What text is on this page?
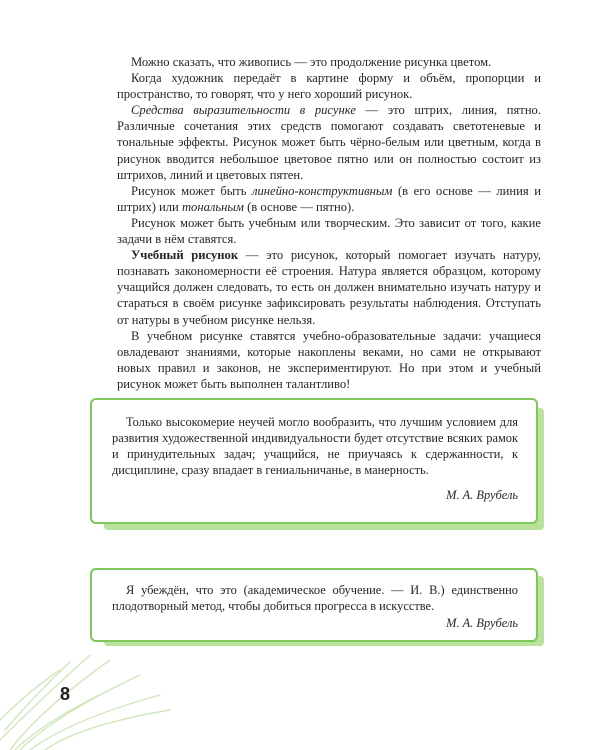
Можно сказать, что живопись — это продолжение рисунка цветом.

Когда художник передаёт в картине форму и объём, пропорции и пространство, то говорят, что у него хороший рисунок.

Средства выразительности в рисунке — это штрих, линия, пятно. Различные сочетания этих средств помогают создавать светотеневые и тональные эффекты. Рисунок может быть чёрно-белым или цветным, когда в рисунок вводится небольшое цветовое пятно или он полностью состоит из штрихов, линий и цветовых пятен.

Рисунок может быть линейно-конструктивным (в его основе — линия и штрих) или тональным (в основе — пятно).

Рисунок может быть учебным или творческим. Это зависит от того, какие задачи в нём ставятся.

Учебный рисунок — это рисунок, который помогает изучать натуру, познавать закономерности её строения. Натура является образцом, которому учащийся должен следовать, то есть он должен внимательно изучать натуру и стараться в своём рисунке зафиксировать результаты наблюдения. Отступать от натуры в учебном рисунке нельзя.

В учебном рисунке ставятся учебно-образовательные задачи: учащиеся овладевают знаниями, которые накоплены веками, но сами не открывают новых правил и законов, не экспериментируют. Но при этом и учебный рисунок может быть выполнен талантливо!

Только высокомерие неучей могло вообразить, что лучшим условием для развития художественной индивидуальности будет отсутствие всяких рамок и принудительных задач; учащийся, не приучаясь к сдержанности, к дисциплине, сразу впадает в гениальничанье, в манерность.

М. А. Врубель

Я убеждён, что это (академическое обучение. — И. В.) единственно плодотворный метод, чтобы добиться прогресса в искусстве.

М. А. Врубель

8
